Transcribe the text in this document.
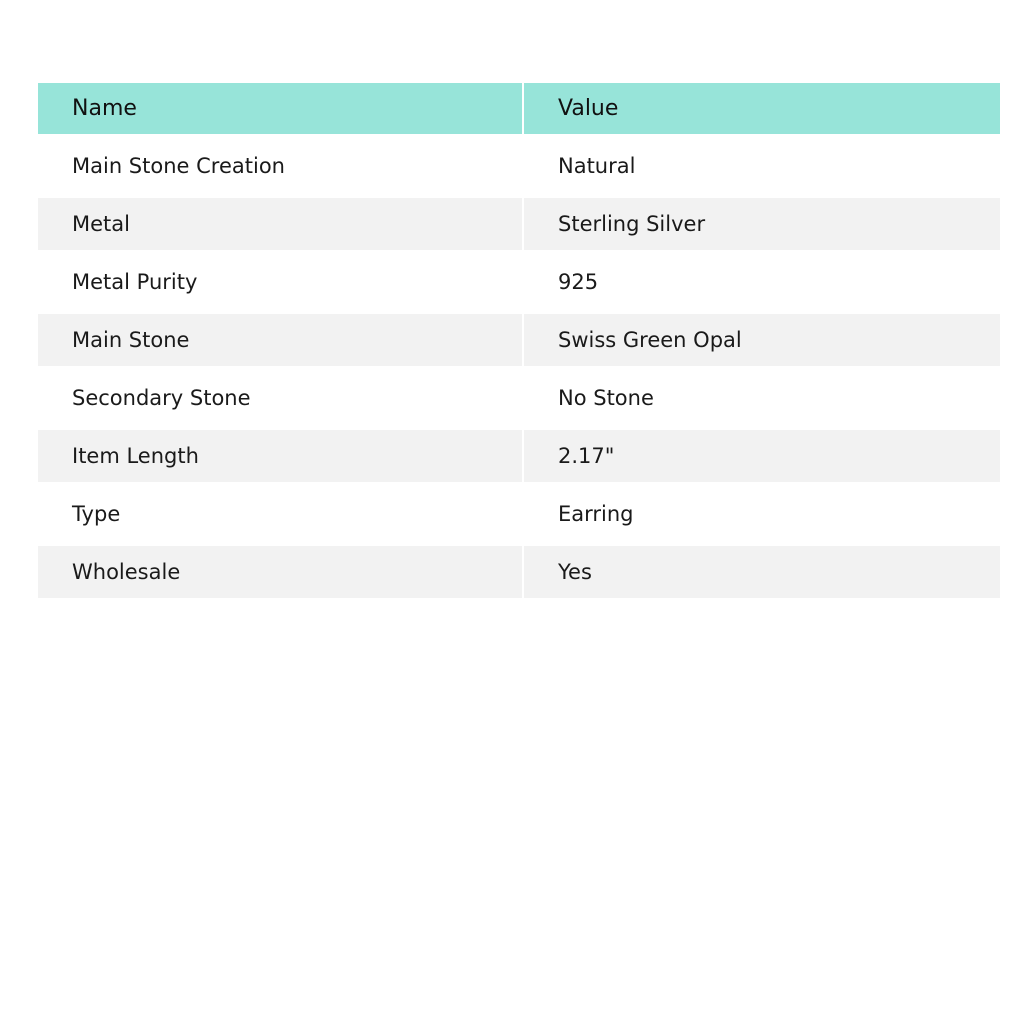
Name	Value
Main Stone Creation	Natural
Metal	Sterling Silver
Metal Purity	925
Main Stone	Swiss Green Opal
Secondary Stone	No Stone
Item Length	2.17"
Type	Earring
Wholesale	Yes
